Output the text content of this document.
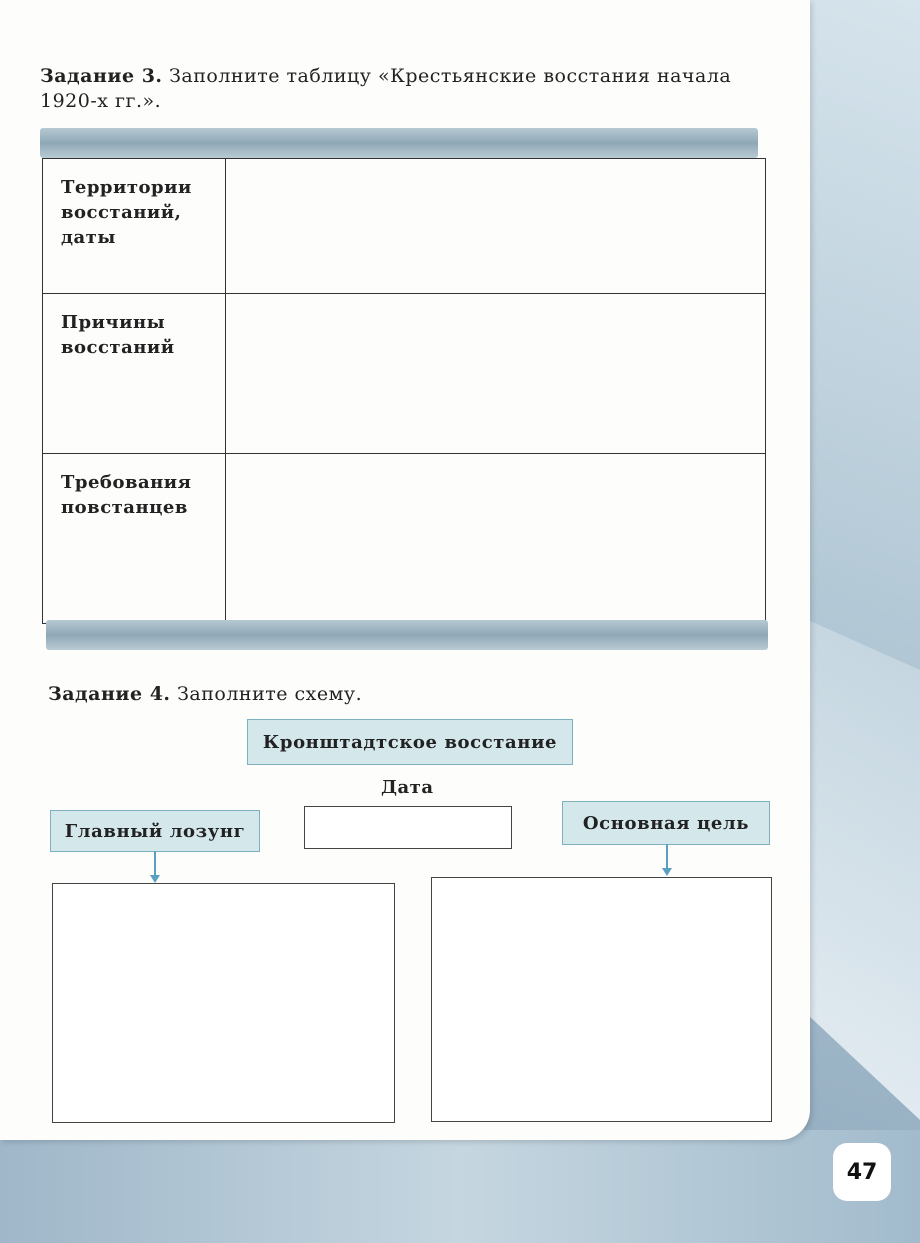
Задание 3. Заполните таблицу «Крестьянские восстания начала 1920-х гг.».
Территории восстаний, даты	
Причины восстаний	
Требования повстанцев	
Задание 4. Заполните схему.
Кронштадтское восстание
Дата
Главный лозунг	Основная цель
47
